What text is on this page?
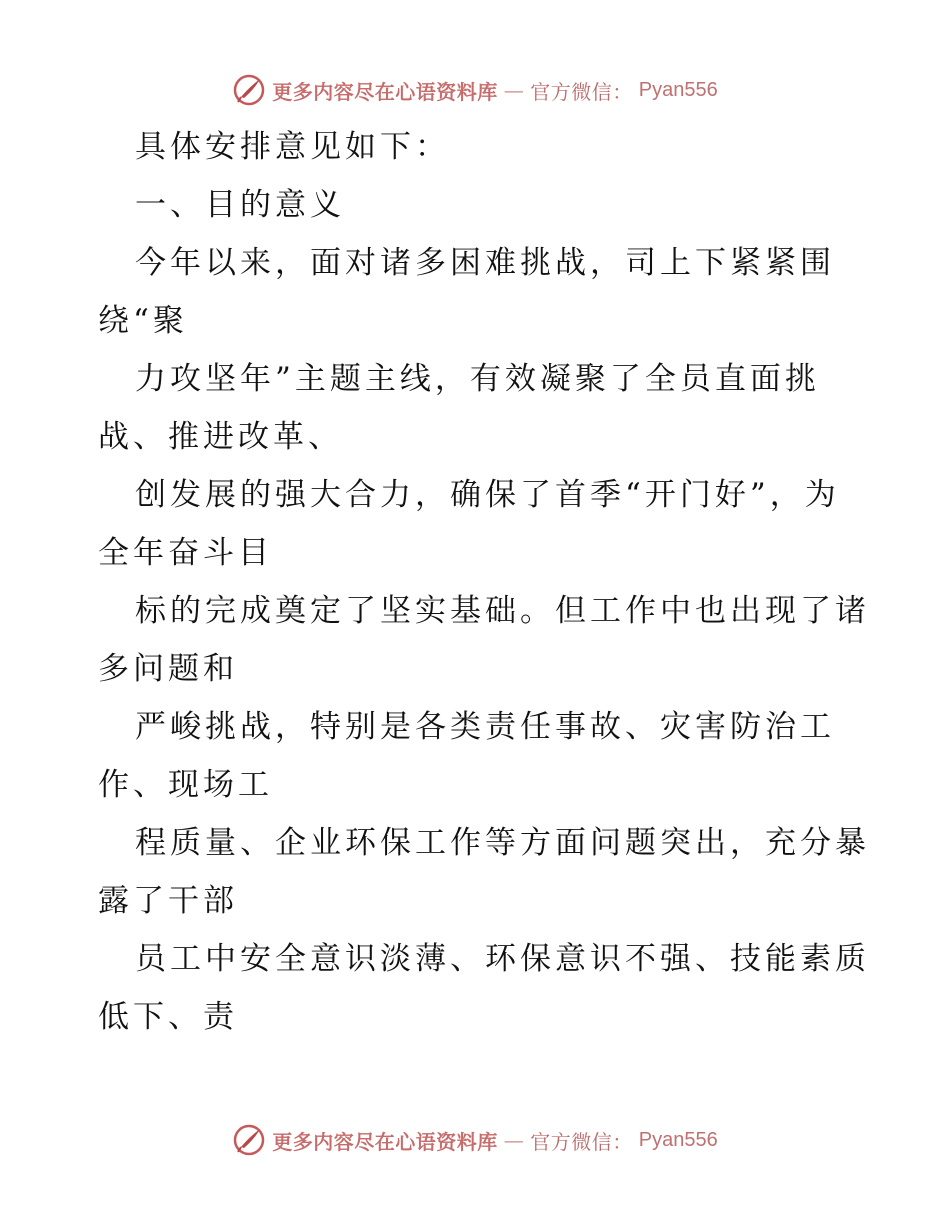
更多内容尽在心语资料库 — 官方微信： Pyan556
具体安排意见如下：
一、目的意义
今年以来，面对诸多困难挑战，司上下紧紧围
绕“聚
力攻坚年”主题主线，有效凝聚了全员直面挑
战、推进改革、
创发展的强大合力，确保了首季“开门好”，为
全年奋斗目
标的完成奠定了坚实基础。但工作中也出现了诸
多问题和
严峻挑战，特别是各类责任事故、灾害防治工
作、现场工
程质量、企业环保工作等方面问题突出，充分暴
露了干部
员工中安全意识淡薄、环保意识不强、技能素质
低下、责
更多内容尽在心语资料库 — 官方微信： Pyan556
